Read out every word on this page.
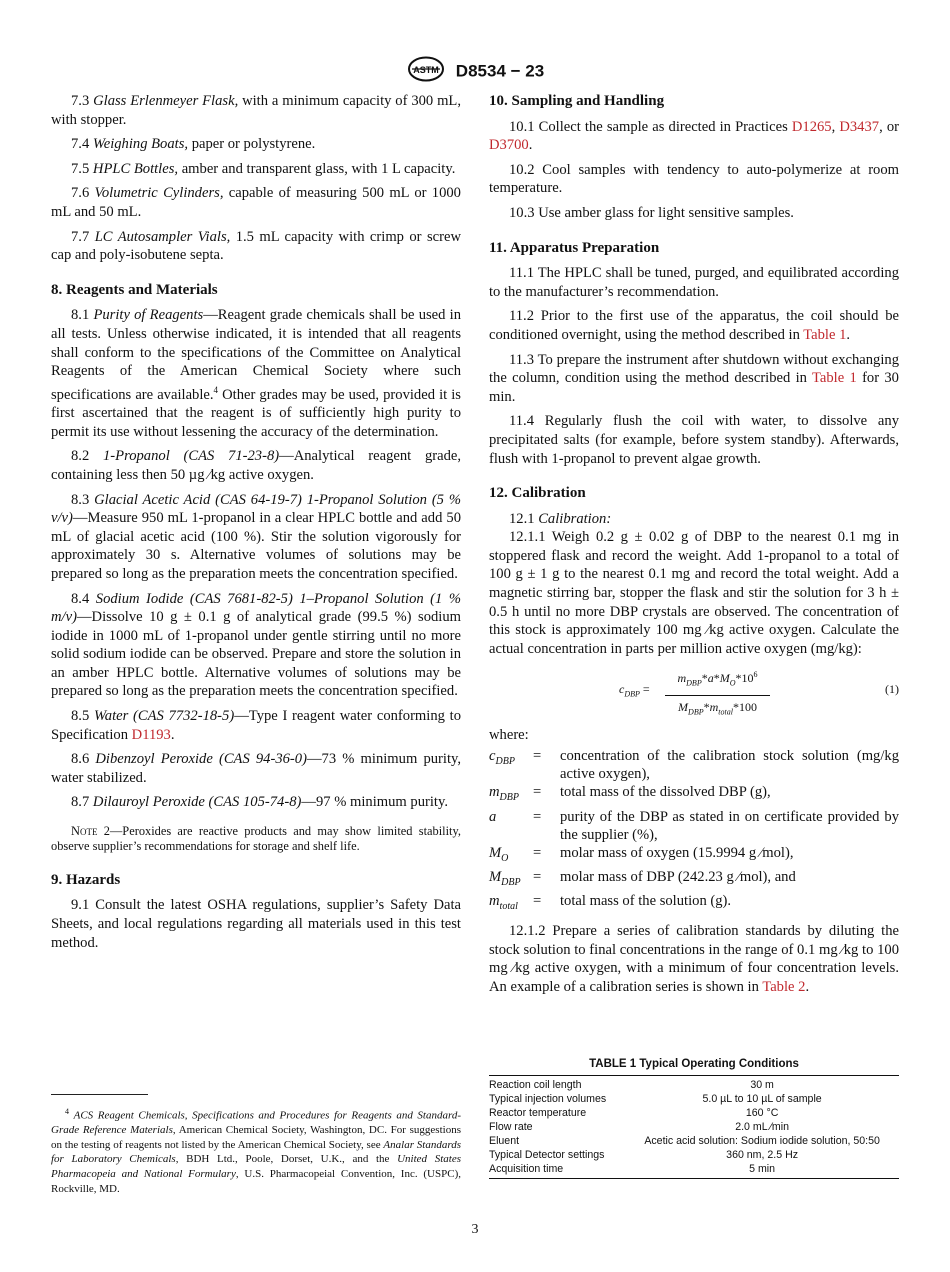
ASTM D8534 − 23

7.3 Glass Erlenmeyer Flask, with a minimum capacity of 300 mL, with stopper.

7.4 Weighing Boats, paper or polystyrene.

7.5 HPLC Bottles, amber and transparent glass, with 1 L capacity.

7.6 Volumetric Cylinders, capable of measuring 500 mL or 1000 mL and 50 mL.

7.7 LC Autosampler Vials, 1.5 mL capacity with crimp or screw cap and poly-isobutene septa.

8. Reagents and Materials

8.1 Purity of Reagents—Reagent grade chemicals shall be used in all tests. Unless otherwise indicated, it is intended that all reagents shall conform to the specifications of the Committee on Analytical Reagents of the American Chemical Society where such specifications are available.$^4$ Other grades may be used, provided it is first ascertained that the reagent is of sufficiently high purity to permit its use without lessening the accuracy of the determination.

8.2 1-Propanol (CAS 71-23-8)—Analytical reagent grade, containing less then 50 µg ⁄kg active oxygen.

8.3 Glacial Acetic Acid (CAS 64-19-7) 1-Propanol Solution (5 % v/v)—Measure 950 mL 1-propanol in a clear HPLC bottle and add 50 mL of glacial acetic acid (100 %). Stir the solution vigorously for approximately 30 s. Alternative volumes of solutions may be prepared so long as the preparation meets the concentration specified.

8.4 Sodium Iodide (CAS 7681-82-5) 1–Propanol Solution (1 % m/v)—Dissolve 10 g ± 0.1 g of analytical grade (99.5 %) sodium iodide in 1000 mL of 1-propanol under gentle stirring until no more solid sodium iodide can be observed. Prepare and store the solution in an amber HPLC bottle. Alternative volumes of solutions may be prepared so long as the preparation meets the concentration specified.

8.5 Water (CAS 7732-18-5)—Type I reagent water conforming to Specification D1193.

8.6 Dibenzoyl Peroxide (CAS 94-36-0)—73 % minimum purity, water stabilized.

8.7 Dilauroyl Peroxide (CAS 105-74-8)—97 % minimum purity.

Note 2—Peroxides are reactive products and may show limited stability, observe supplier’s recommendations for storage and shelf life.
9. Hazards

9.1 Consult the latest OSHA regulations, supplier’s Safety Data Sheets, and local regulations regarding all materials used in this test method.

$^4$ ACS Reagent Chemicals, Specifications and Procedures for Reagents and Standard-Grade Reference Materials, American Chemical Society, Washington, DC. For suggestions on the testing of reagents not listed by the American Chemical Society, see Analar Standards for Laboratory Chemicals, BDH Ltd., Poole, Dorset, U.K., and the United States Pharmacopeia and National Formulary, U.S. Pharmacopeial Convention, Inc. (USPC), Rockville, MD.
10. Sampling and Handling

10.1 Collect the sample as directed in Practices D1265, D3437, or D3700.

10.2 Cool samples with tendency to auto-polymerize at room temperature.

10.3 Use amber glass for light sensitive samples.

11. Apparatus Preparation

11.1 The HPLC shall be tuned, purged, and equilibrated according to the manufacturer’s recommendation.

11.2 Prior to the first use of the apparatus, the coil should be conditioned overnight, using the method described in Table 1.

11.3 To prepare the instrument after shutdown without exchanging the column, condition using the method described in Table 1 for 30 min.

11.4 Regularly flush the coil with water, to dissolve any precipitated salts (for example, before system standby). Afterwards, flush with 1-propanol to prevent algae growth.

12. Calibration

12.1 Calibration:

12.1.1 Weigh 0.2 g ± 0.02 g of DBP to the nearest 0.1 mg in stoppered flask and record the weight. Add 1-propanol to a total of 100 g ± 1 g to the nearest 0.1 mg and record the total weight. Add a magnetic stirring bar, stopper the flask and stir the solution for 3 h ± 0.5 h until no more DBP crystals are observed. The concentration of this stock is approximately 100 mg ⁄kg active oxygen. Calculate the actual concentration in parts per million active oxygen (mg/kg):

$c_{DBP}$ =
$m_{DBP}*a*M_O*10^6$
$M_{DBP}*m_{total}*100$
(1)

where:

$c_{DBP}$	=	concentration of the calibration stock solution (mg/kg active oxygen),
$m_{DBP}$ =	total mass of the dissolved DBP (g),
a	=	purity of the DBP as stated in on certificate provided by the supplier (%),
$M_O$	=	molar mass of oxygen (15.9994 g ⁄mol),
$M_{DBP}$ =	molar mass of DBP (242.23 g ⁄mol), and
$m_{total}$	=	total mass of the solution (g).

12.1.2 Prepare a series of calibration standards by diluting the stock solution to final concentrations in the range of 0.1 mg ⁄kg to 100 mg ⁄kg active oxygen, with a minimum of four concentration levels. An example of a calibration series is shown in Table 2.

TABLE 1 Typical Operating Conditions
Reaction coil length	30 m
Typical injection volumes	5.0 µL to 10 µL of sample
Reactor temperature	160 °C
Flow rate	2.0 mL ⁄min
Eluent	Acetic acid solution: Sodium iodide solution, 50:50
Typical Detector settings	360 nm, 2.5 Hz
Acquisition time	5 min
3
